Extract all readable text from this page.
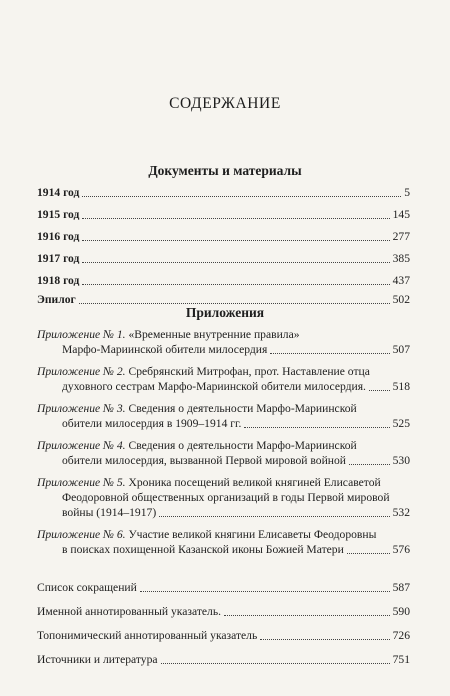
СОДЕРЖАНИЕ
Документы и материалы
1914 год	5
1915 год	145
1916 год	277
1917 год	385
1918 год	437
Эпилог	502
Приложения
Приложение № 1. «Временные внутренние правила»
Марфо-Мариинской обители милосердия	507
Приложение № 2. Сребрянский Митрофан, прот. Наставление отца
духовного сестрам Марфо-Мариинской обители милосердия. 518
Приложение № 3. Сведения о деятельности Марфо-Мариинской
обители милосердия в 1909–1914 гг.	525
Приложение № 4. Сведения о деятельности Марфо-Мариинской
обители милосердия, вызванной Первой мировой войной	530
Приложение № 5. Хроника посещений великой княгиней Елисаветой
Феодоровной общественных организаций в годы Первой мировой
войны (1914–1917)	532
Приложение № 6. Участие великой княгини Елисаветы Феодоровны
в поисках похищенной Казанской иконы Божией Матери	576
Список сокращений	587
Именной аннотированный указатель.	590
Топонимический аннотированный указатель	726
Источники и литература	751
